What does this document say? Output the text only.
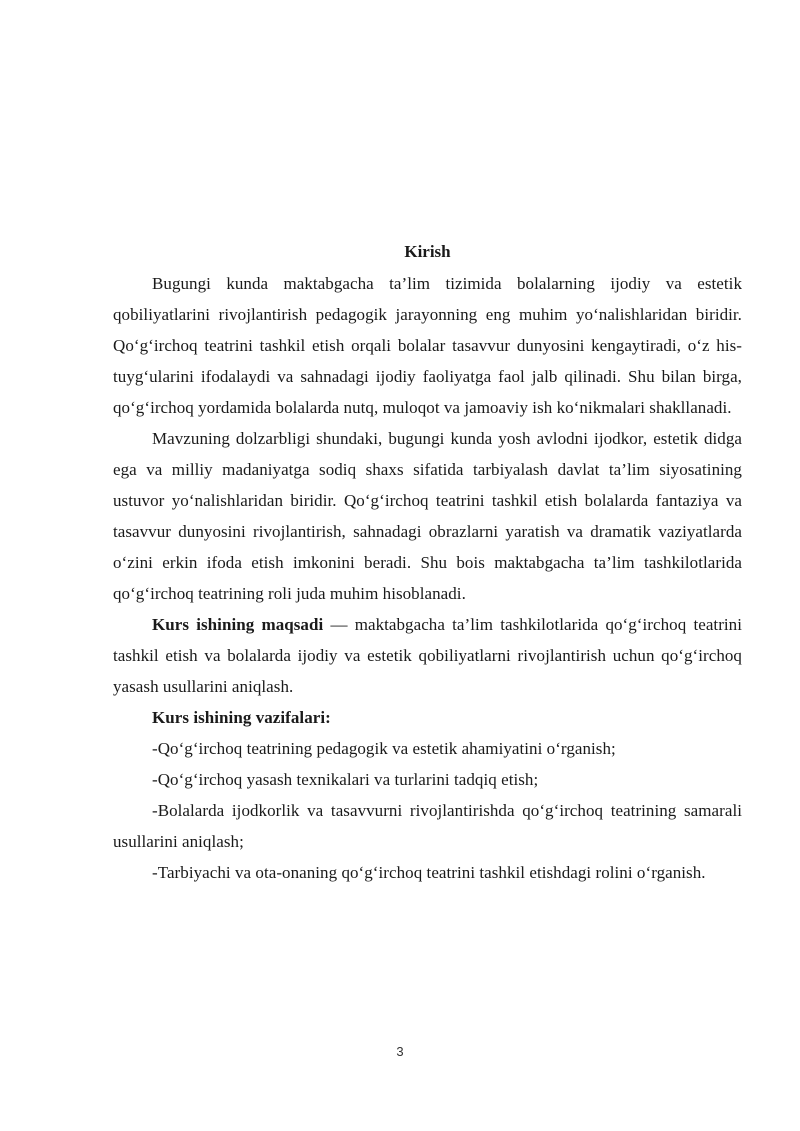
Kirish

Bugungi kunda maktabgacha ta’lim tizimida bolalarning ijodiy va estetik qobiliyatlarini rivojlantirish pedagogik jarayonning eng muhim yo‘nalishlaridan biridir. Qo‘g‘irchoq teatrini tashkil etish orqali bolalar tasavvur dunyosini kengaytiradi, o‘z his-tuyg‘ularini ifodalaydi va sahnadagi ijodiy faoliyatga faol jalb qilinadi. Shu bilan birga, qo‘g‘irchoq yordamida bolalarda nutq, muloqot va jamoaviy ish ko‘nikmalari shakllanadi.

Mavzuning dolzarbligi shundaki, bugungi kunda yosh avlodni ijodkor, estetik didga ega va milliy madaniyatga sodiq shaxs sifatida tarbiyalash davlat ta’lim siyosatining ustuvor yo‘nalishlaridan biridir. Qo‘g‘irchoq teatrini tashkil etish bolalarda fantaziya va tasavvur dunyosini rivojlantirish, sahnadagi obrazlarni yaratish va dramatik vaziyatlarda o‘zini erkin ifoda etish imkonini beradi. Shu bois maktabgacha ta’lim tashkilotlarida qo‘g‘irchoq teatrining roli juda muhim hisoblanadi.

Kurs ishining maqsadi — maktabgacha ta’lim tashkilotlarida qo‘g‘irchoq teatrini tashkil etish va bolalarda ijodiy va estetik qobiliyatlarni rivojlantirish uchun qo‘g‘irchoq yasash usullarini aniqlash.

Kurs ishining vazifalari:

-Qo‘g‘irchoq teatrining pedagogik va estetik ahamiyatini o‘rganish;

-Qo‘g‘irchoq yasash texnikalari va turlarini tadqiq etish;

-Bolalarda ijodkorlik va tasavvurni rivojlantirishda qo‘g‘irchoq teatrining samarali usullarini aniqlash;

-Tarbiyachi va ota-onaning qo‘g‘irchoq teatrini tashkil etishdagi rolini o‘rganish.

3
